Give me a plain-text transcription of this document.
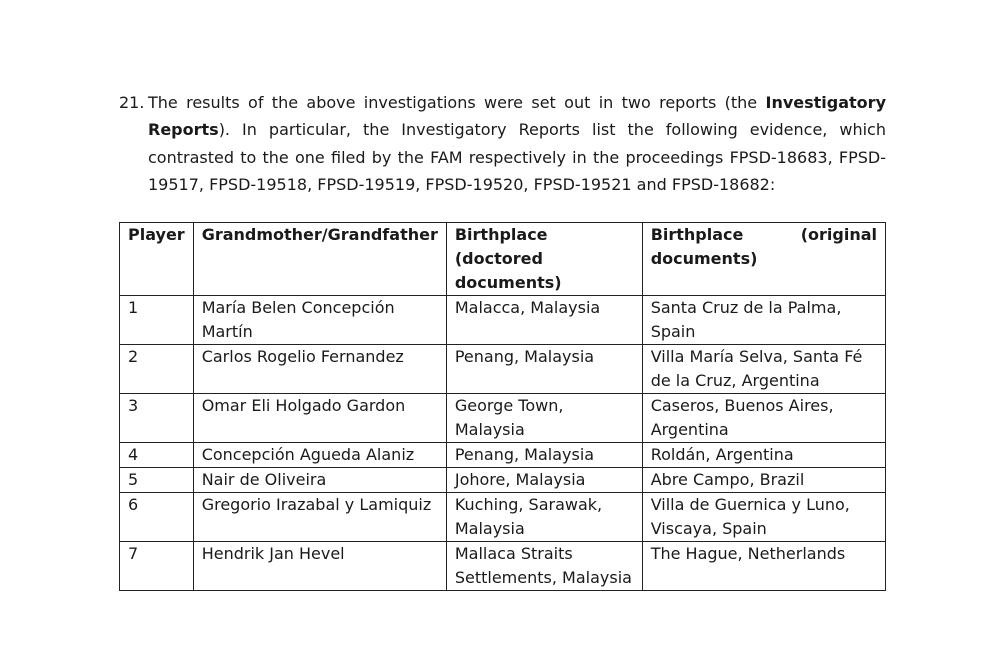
21. The results of the above investigations were set out in two reports (the Investigatory Reports). In particular, the Investigatory Reports list the following evidence, which contrasted to the one filed by the FAM respectively in the proceedings FPSD-18683, FPSD-19517, FPSD-19518, FPSD-19519, FPSD-19520, FPSD-19521 and FPSD-18682:
Player	Grandmother/Grandfather	Birthplace (doctored documents)	Birthplace (original
documents)

1	María Belen Concepción Martín	Malacca, Malaysia	Santa Cruz de la Palma, Spain
2	Carlos Rogelio Fernandez	Penang, Malaysia	Villa María Selva, Santa Fé de la Cruz, Argentina
3	Omar Eli Holgado Gardon	George Town, Malaysia	Caseros, Buenos Aires, Argentina
4	Concepción Agueda Alaniz	Penang, Malaysia	Roldán, Argentina
5	Nair de Oliveira	Johore, Malaysia	Abre Campo, Brazil
6	Gregorio Irazabal y Lamiquiz	Kuching, Sarawak, Malaysia	Villa de Guernica y Luno, Viscaya, Spain
7	Hendrik Jan Hevel	Mallaca Straits Settlements, Malaysia	The Hague, Netherlands
